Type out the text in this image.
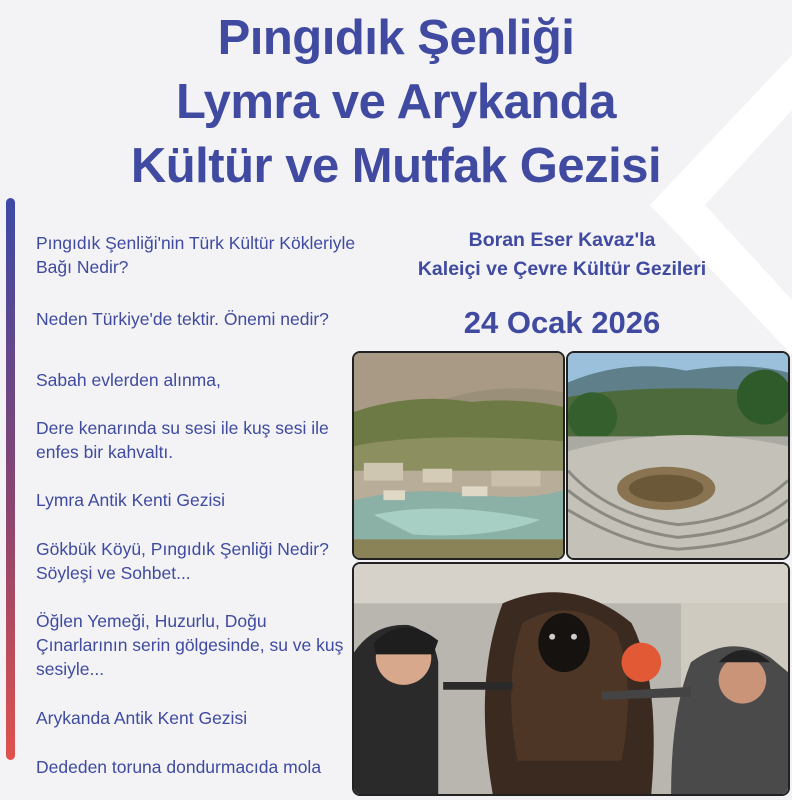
Pıngıdık Şenliği
Lymra ve Arykanda
Kültür ve Mutfak Gezisi
Pıngıdık Şenliği'nin Türk Kültür Kökleriyle Bağı Nedir?
Neden Türkiye'de tektir. Önemi nedir?
Sabah evlerden alınma,
Dere kenarında su sesi ile kuş sesi ile enfes bir kahvaltı.
Lymra Antik Kenti Gezisi
Gökbük Köyü, Pıngıdık Şenliği Nedir? Söyleşi ve Sohbet...
Öğlen Yemeği, Huzurlu, Doğu Çınarlarının serin gölgesinde, su ve kuş sesiyle...
Arykanda Antik Kent Gezisi
Dededen toruna dondurmacıda mola
Boran Eser Kavaz'la
Kaleiçi ve Çevre Kültür Gezileri
24 Ocak 2026
